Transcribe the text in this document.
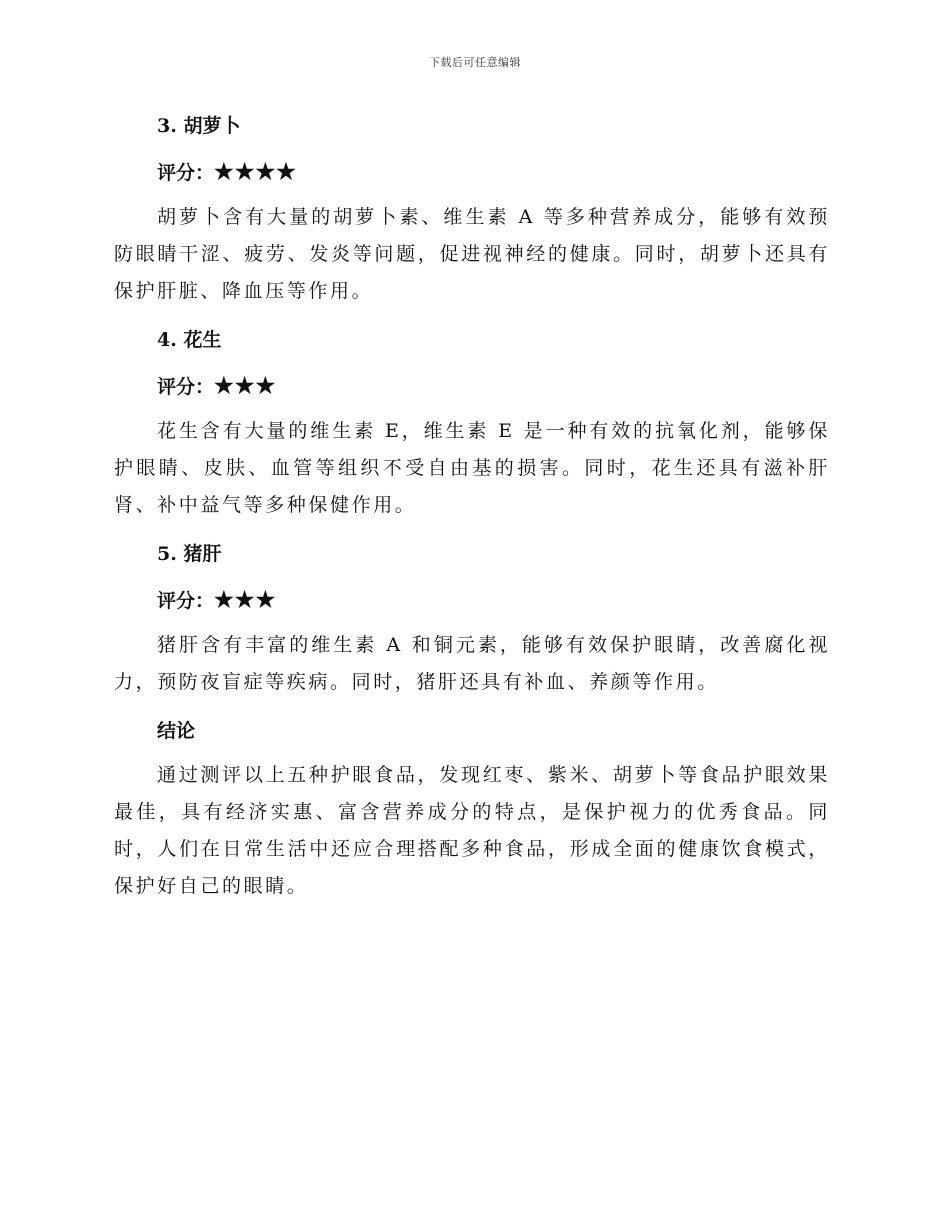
下载后可任意编辑
3. 胡萝卜
评分：★★★★
胡萝卜含有大量的胡萝卜素、维生素 A 等多种营养成分，能够有效预防眼睛干涩、疲劳、发炎等问题，促进视神经的健康。同时，胡萝卜还具有保护肝脏、降血压等作用。
4. 花生
评分：★★★
花生含有大量的维生素 E，维生素 E 是一种有效的抗氧化剂，能够保护眼睛、皮肤、血管等组织不受自由基的损害。同时，花生还具有滋补肝肾、补中益气等多种保健作用。
5. 猪肝
评分：★★★
猪肝含有丰富的维生素 A 和铜元素，能够有效保护眼睛，改善腐化视力，预防夜盲症等疾病。同时，猪肝还具有补血、养颜等作用。
结论
通过测评以上五种护眼食品，发现红枣、紫米、胡萝卜等食品护眼效果最佳，具有经济实惠、富含营养成分的特点，是保护视力的优秀食品。同时，人们在日常生活中还应合理搭配多种食品，形成全面的健康饮食模式，保护好自己的眼睛。
